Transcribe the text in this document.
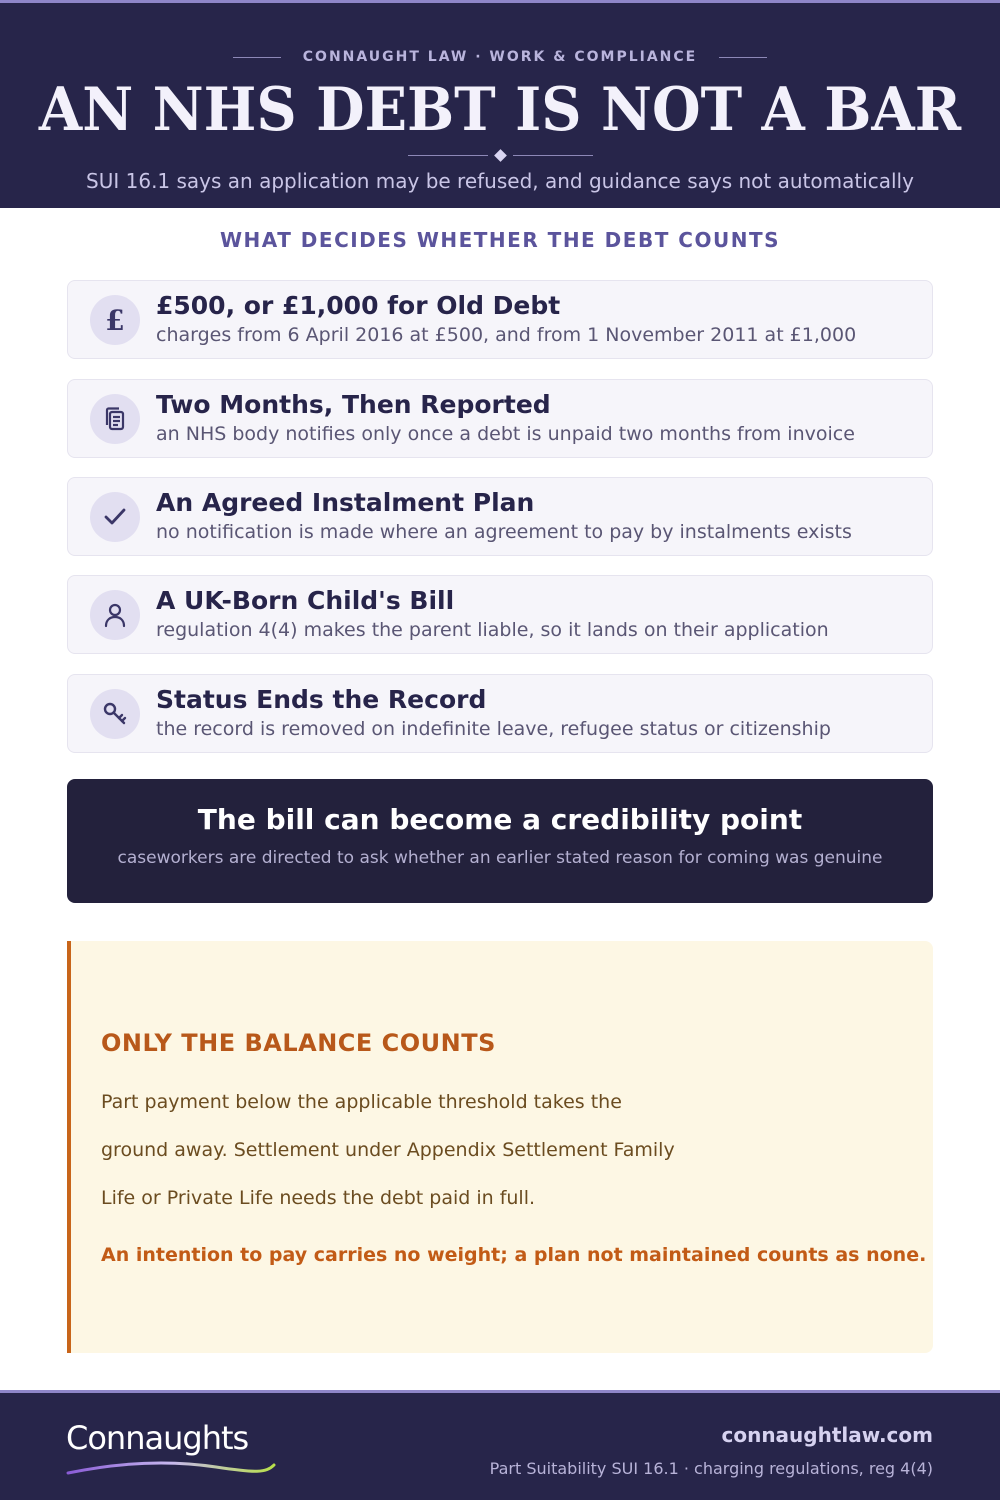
CONNAUGHT LAW · WORK & COMPLIANCE
AN NHS DEBT IS NOT A BAR

SUI 16.1 says an application may be refused, and guidance says not automatically

WHAT DECIDES WHETHER THE DEBT COUNTS
£ £500, or £1,000 for Old Debt
charges from 6 April 2016 at £500, and from 1 November 2011 at £1,000
Two Months, Then Reported
an NHS body notifies only once a debt is unpaid two months from invoice
An Agreed Instalment Plan
no notification is made where an agreement to pay by instalments exists
A UK-Born Child's Bill
regulation 4(4) makes the parent liable, so it lands on their application
Status Ends the Record
the record is removed on indefinite leave, refugee status or citizenship
The bill can become a credibility point
caseworkers are directed to ask whether an earlier stated reason for coming was genuine
ONLY THE BALANCE COUNTS
Part payment below the applicable threshold takes the
ground away. Settlement under Appendix Settlement Family
Life or Private Life needs the debt paid in full.
An intention to pay carries no weight; a plan not maintained counts as none.
Connaughts	connaughtlaw.com
Part Suitability SUI 16.1 · charging regulations, reg 4(4)
